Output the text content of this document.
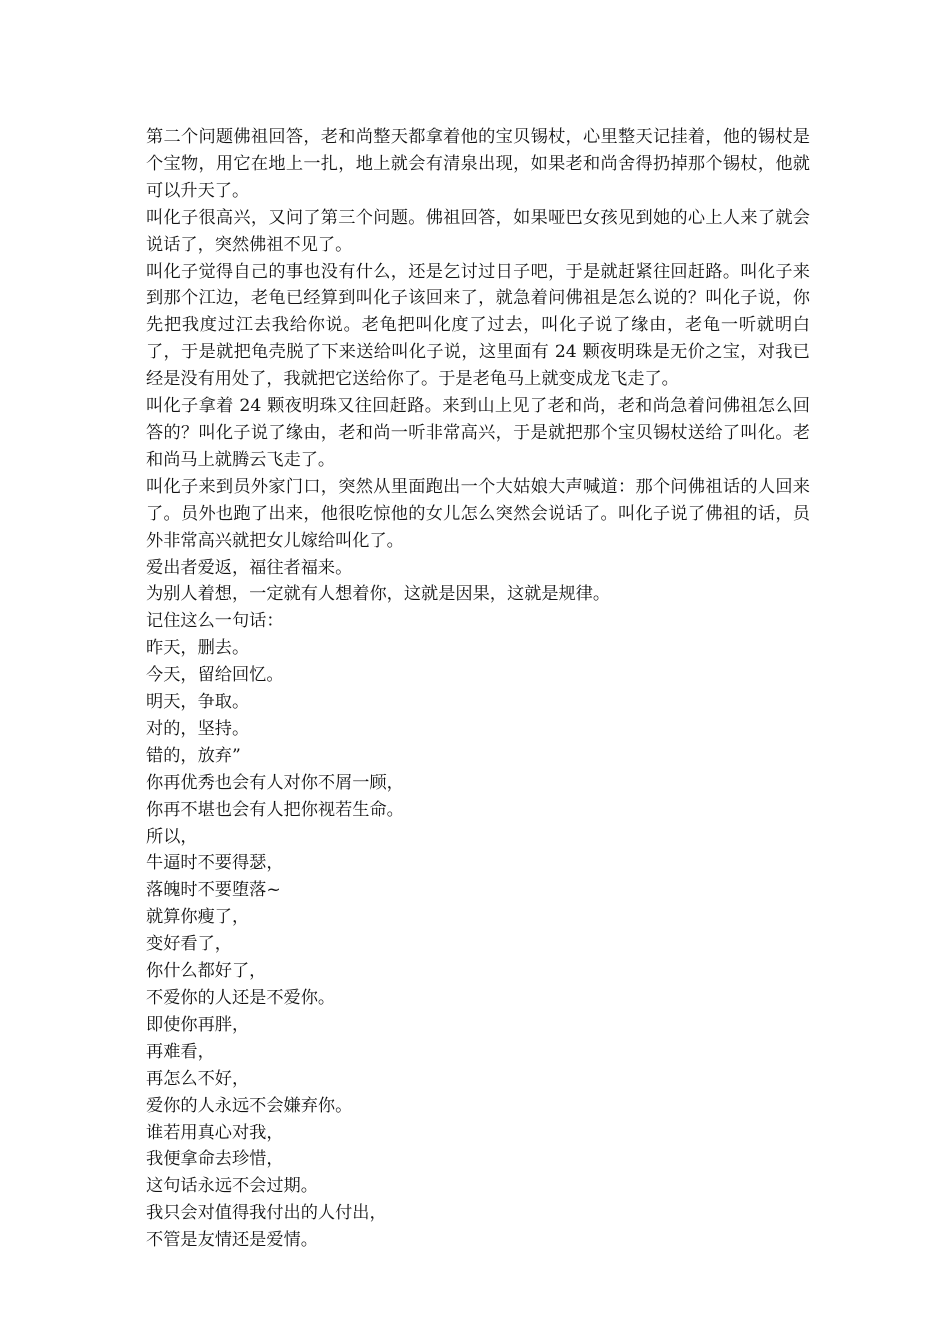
第二个问题佛祖回答，老和尚整天都拿着他的宝贝锡杖，心里整天记挂着，他的锡杖是个宝物，用它在地上一扎，地上就会有清泉出现，如果老和尚舍得扔掉那个锡杖，他就可以升天了。

叫化子很高兴，又问了第三个问题。佛祖回答，如果哑巴女孩见到她的心上人来了就会说话了，突然佛祖不见了。

叫化子觉得自己的事也没有什么，还是乞讨过日子吧，于是就赶紧往回赶路。叫化子来到那个江边，老龟已经算到叫化子该回来了，就急着问佛祖是怎么说的？叫化子说，你先把我度过江去我给你说。老龟把叫化度了过去，叫化子说了缘由，老龟一听就明白了，于是就把龟壳脱了下来送给叫化子说，这里面有 24 颗夜明珠是无价之宝，对我已经是没有用处了，我就把它送给你了。于是老龟马上就变成龙飞走了。

叫化子拿着 24 颗夜明珠又往回赶路。来到山上见了老和尚，老和尚急着问佛祖怎么回答的？叫化子说了缘由，老和尚一听非常高兴，于是就把那个宝贝锡杖送给了叫化。老和尚马上就腾云飞走了。

叫化子来到员外家门口，突然从里面跑出一个大姑娘大声喊道：那个问佛祖话的人回来了。员外也跑了出来，他很吃惊他的女儿怎么突然会说话了。叫化子说了佛祖的话，员外非常高兴就把女儿嫁给叫化了。

爱出者爱返，福往者福来。

为别人着想，一定就有人想着你，这就是因果，这就是规律。

记住这么一句话：

昨天，删去。

今天，留给回忆。

明天，争取。

对的，坚持。

错的，放弃”

你再优秀也会有人对你不屑一顾，

你再不堪也会有人把你视若生命。

所以，

牛逼时不要得瑟，

落魄时不要堕落~

就算你瘦了，

变好看了，

你什么都好了，

不爱你的人还是不爱你。

即使你再胖，

再难看，

再怎么不好，

爱你的人永远不会嫌弃你。

谁若用真心对我，

我便拿命去珍惜，

这句话永远不会过期。

我只会对值得我付出的人付出，

不管是友情还是爱情。
